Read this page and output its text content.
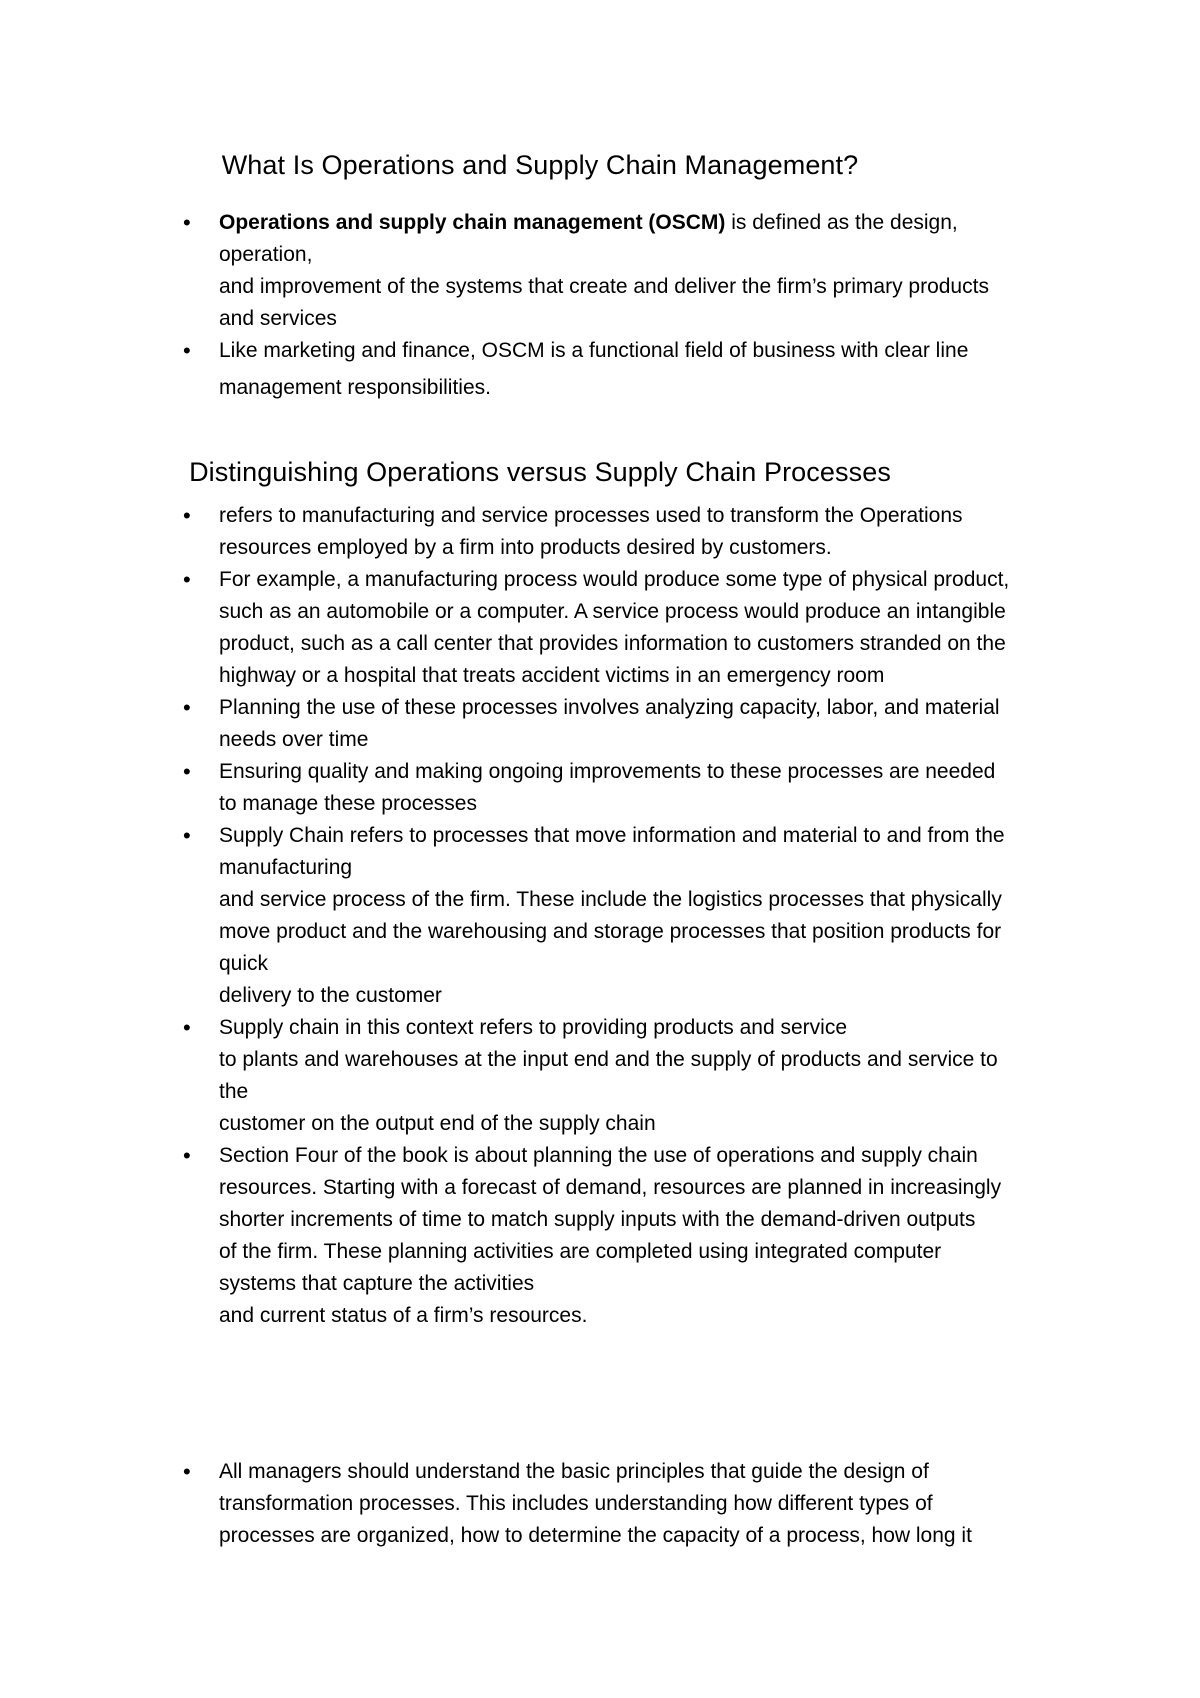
What Is Operations and Supply Chain Management?
• Operations and supply chain management (OSCM) is defined as the design,
operation,
and improvement of the systems that create and deliver the firm’s primary products
and services
• Like marketing and finance, OSCM is a functional field of business with clear line
management responsibilities.
Distinguishing Operations versus Supply Chain Processes
• refers to manufacturing and service processes used to transform the Operations
resources employed by a firm into products desired by customers.
• For example, a manufacturing process would produce some type of physical product,
such as an automobile or a computer. A service process would produce an intangible
product, such as a call center that provides information to customers stranded on the
highway or a hospital that treats accident victims in an emergency room
• Planning the use of these processes involves analyzing capacity, labor, and material
needs over time
• Ensuring quality and making ongoing improvements to these processes are needed
to manage these processes
• Supply Chain refers to processes that move information and material to and from the
manufacturing
and service process of the firm. These include the logistics processes that physically
move product and the warehousing and storage processes that position products for
quick
delivery to the customer
• Supply chain in this context refers to providing products and service
to plants and warehouses at the input end and the supply of products and service to
the
customer on the output end of the supply chain
• Section Four of the book is about planning the use of operations and supply chain
resources. Starting with a forecast of demand, resources are planned in increasingly
shorter increments of time to match supply inputs with the demand-driven outputs
of the firm. These planning activities are completed using integrated computer
systems that capture the activities
and current status of a firm’s resources.
• All managers should understand the basic principles that guide the design of
transformation processes. This includes understanding how different types of
processes are organized, how to determine the capacity of a process, how long it
